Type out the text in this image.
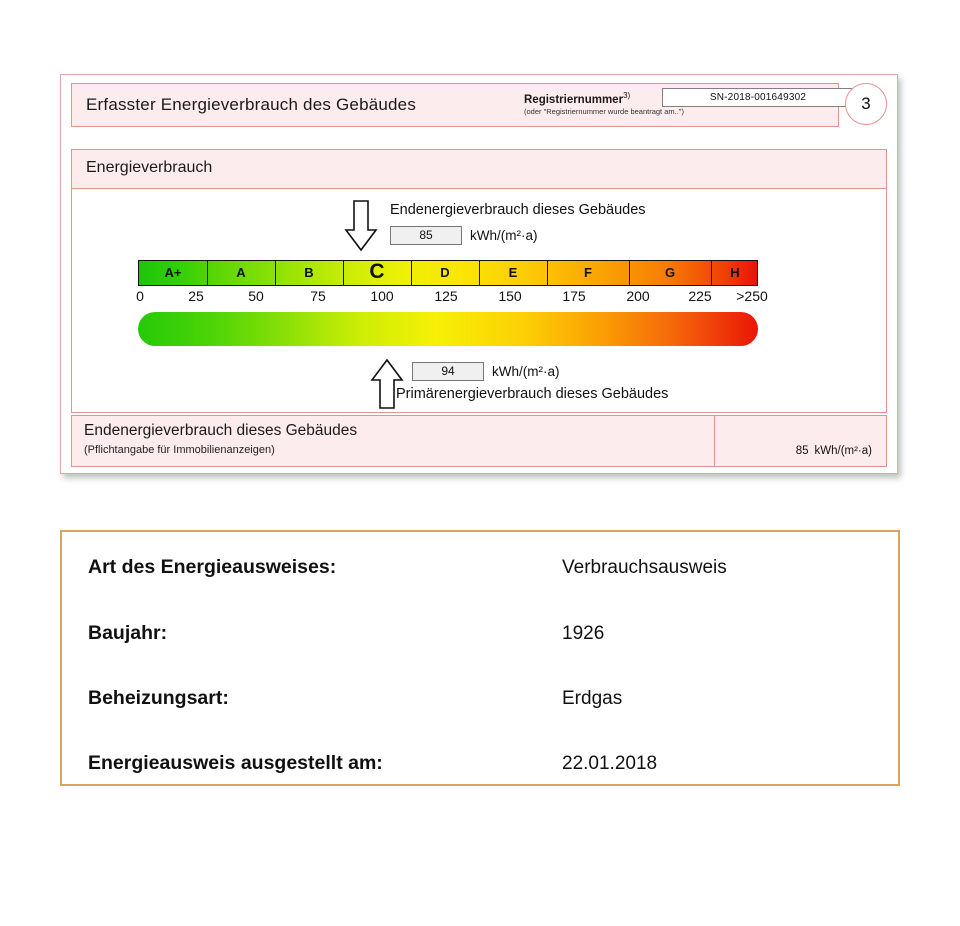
Erfasster Energieverbrauch des Gebäudes	Registriernummer$^{3)}$
(oder "Registriernummer wurde beantragt am..")
SN-2018-001649302	3
Energieverbrauch
Endenergieverbrauch dieses Gebäudes
85	kWh/(m²·a)
A+	A	B	C	D	E	F	G	H
0	25	50	75	100	125	150	175	200	225 >250
94	kWh/(m²·a)
Primärenergieverbrauch dieses Gebäudes
Endenergieverbrauch dieses Gebäudes
(Pflichtangabe für Immobilienanzeigen)	85 kWh/(m²·a)
Art des Energieausweises:	Verbrauchsausweis
Baujahr:	1926
Beheizungsart:	Erdgas
Energieausweis ausgestellt am:	22.01.2018
